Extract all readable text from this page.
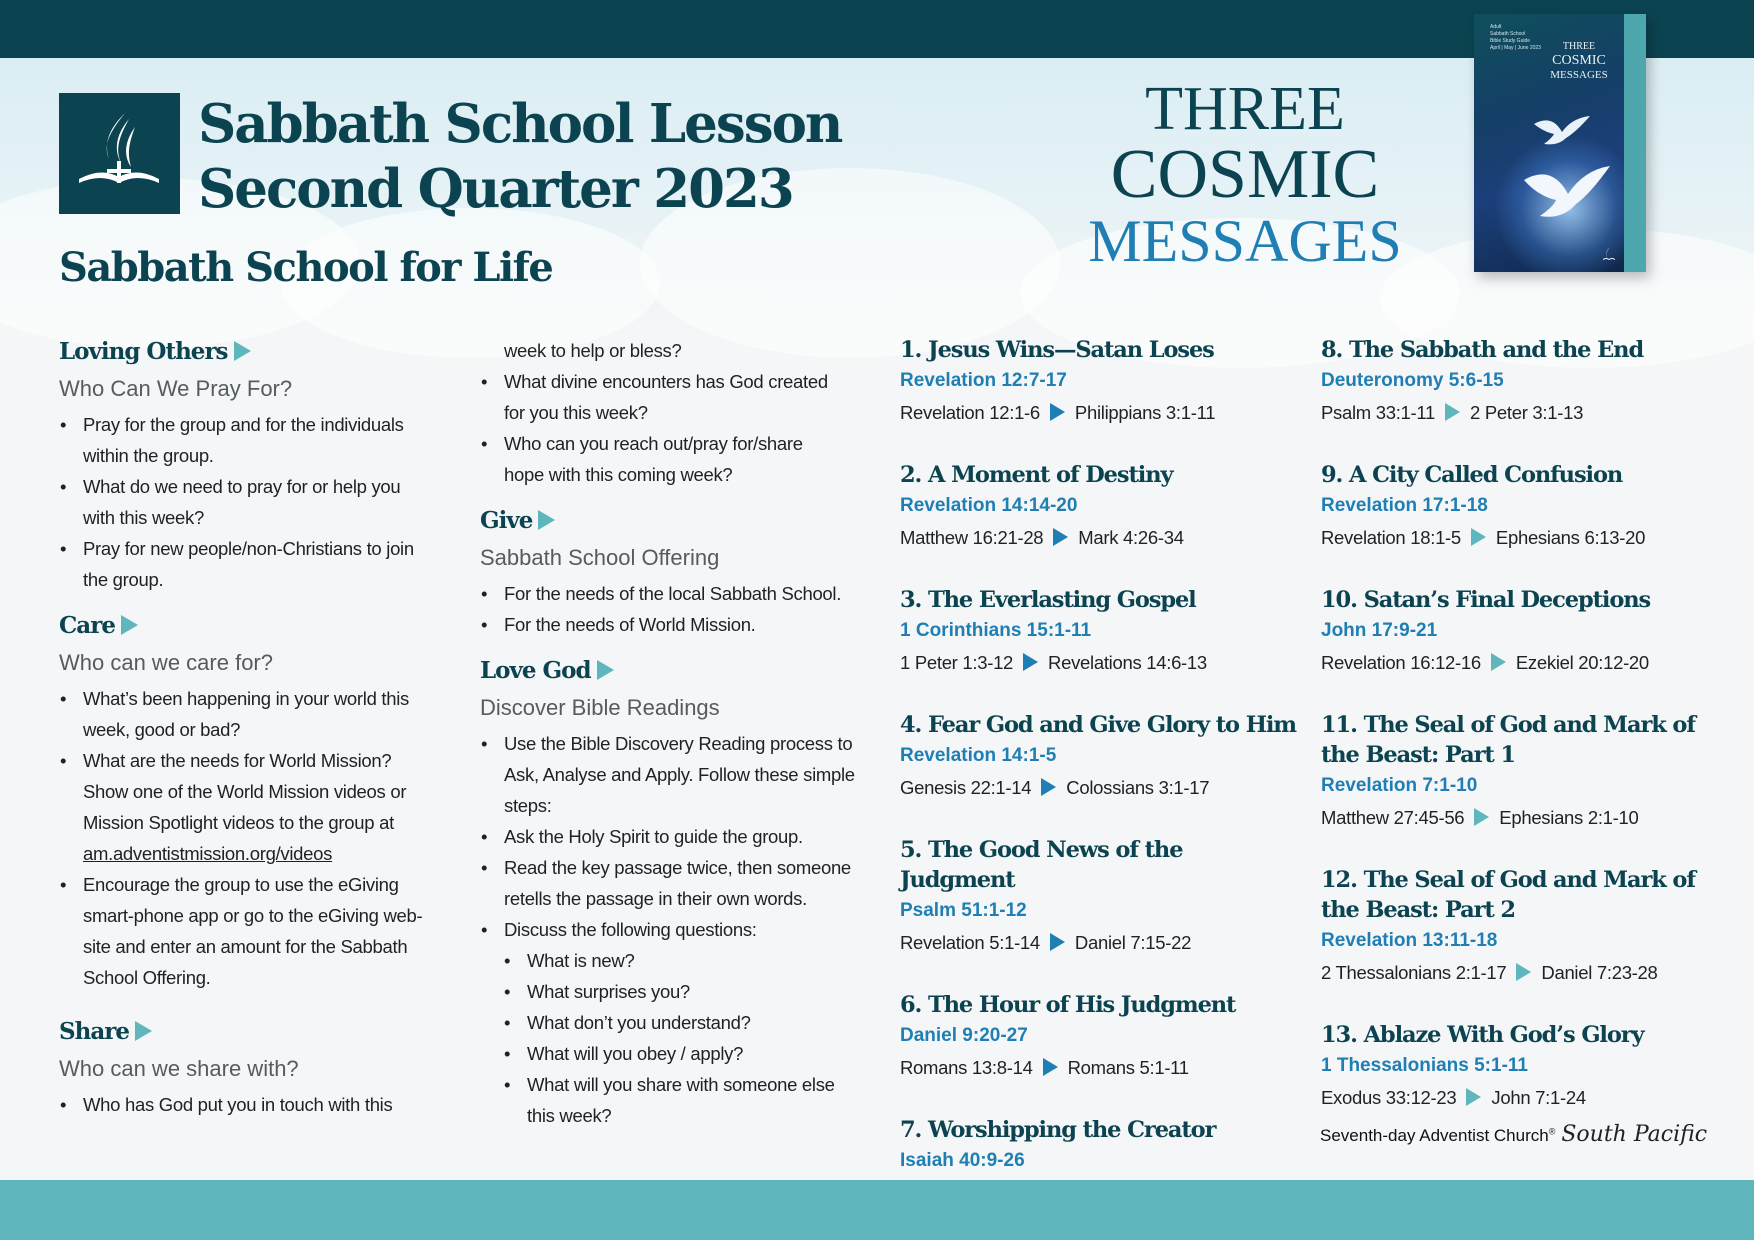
Sabbath School Lesson
Second Quarter 2023
Sabbath School for Life
THREE
COSMIC
MESSAGES
Adult
Sabbath School
Bible Study Guide
April | May | June 2023	THREE
COSMIC
MESSAGES
Loving Others
Who Can We Pray For?
• Pray for the group and for the individuals
within the group.
• What do we need to pray for or help you
with this week?
• Pray for new people/non-Christians to join
the group.
Care
Who can we care for?
• What’s been happening in your world this
week, good or bad?
• What are the needs for World Mission?
Show one of the World Mission videos or
Mission Spotlight videos to the group at
am.adventistmission.org/videos
• Encourage the group to use the eGiving
smart-phone app or go to the eGiving web-
site and enter an amount for the Sabbath
School Offering.
Share
Who can we share with?
• Who has God put you in touch with this
week to help or bless?
• What divine encounters has God created
for you this week?
• Who can you reach out/pray for/share
hope with this coming week?
Give
Sabbath School Offering
• For the needs of the local Sabbath School.
• For the needs of World Mission.
Love God
Discover Bible Readings
• Use the Bible Discovery Reading process to
Ask, Analyse and Apply. Follow these simple
steps:
• Ask the Holy Spirit to guide the group.
• Read the key passage twice, then someone
retells the passage in their own words.
• Discuss the following questions:
• What is new?
• What surprises you?
• What don’t you understand?
• What will you obey / apply?
• What will you share with someone else
this week?
1. Jesus Wins—Satan Loses
Revelation 12:7-17
Revelation 12:1-6 Philippians 3:1-11
2. A Moment of Destiny
Revelation 14:14-20
Matthew 16:21-28 Mark 4:26-34
3. The Everlasting Gospel
1 Corinthians 15:1-11
1 Peter 1:3-12 Revelations 14:6-13
4. Fear God and Give Glory to Him
Revelation 14:1-5
Genesis 22:1-14 Colossians 3:1-17
5. The Good News of the Judgment
Psalm 51:1-12
Revelation 5:1-14 Daniel 7:15-22
6. The Hour of His Judgment
Daniel 9:20-27
Romans 13:8-14 Romans 5:1-11
7. Worshipping the Creator
Isaiah 40:9-26
8. The Sabbath and the End
Deuteronomy 5:6-15
Psalm 33:1-11 2 Peter 3:1-13
9. A City Called Confusion
Revelation 17:1-18
Revelation 18:1-5 Ephesians 6:13-20
10. Satan’s Final Deceptions
John 17:9-21
Revelation 16:12-16 Ezekiel 20:12-20
11. The Seal of God and Mark of
the Beast: Part 1
Revelation 7:1-10
Matthew 27:45-56 Ephesians 2:1-10
12. The Seal of God and Mark of
the Beast: Part 2
Revelation 13:11-18
2 Thessalonians 2:1-17 Daniel 7:23-28
13. Ablaze With God’s Glory
1 Thessalonians 5:1-11
Exodus 33:12-23 John 7:1-24
Seventh-day Adventist Church® South Pacific
